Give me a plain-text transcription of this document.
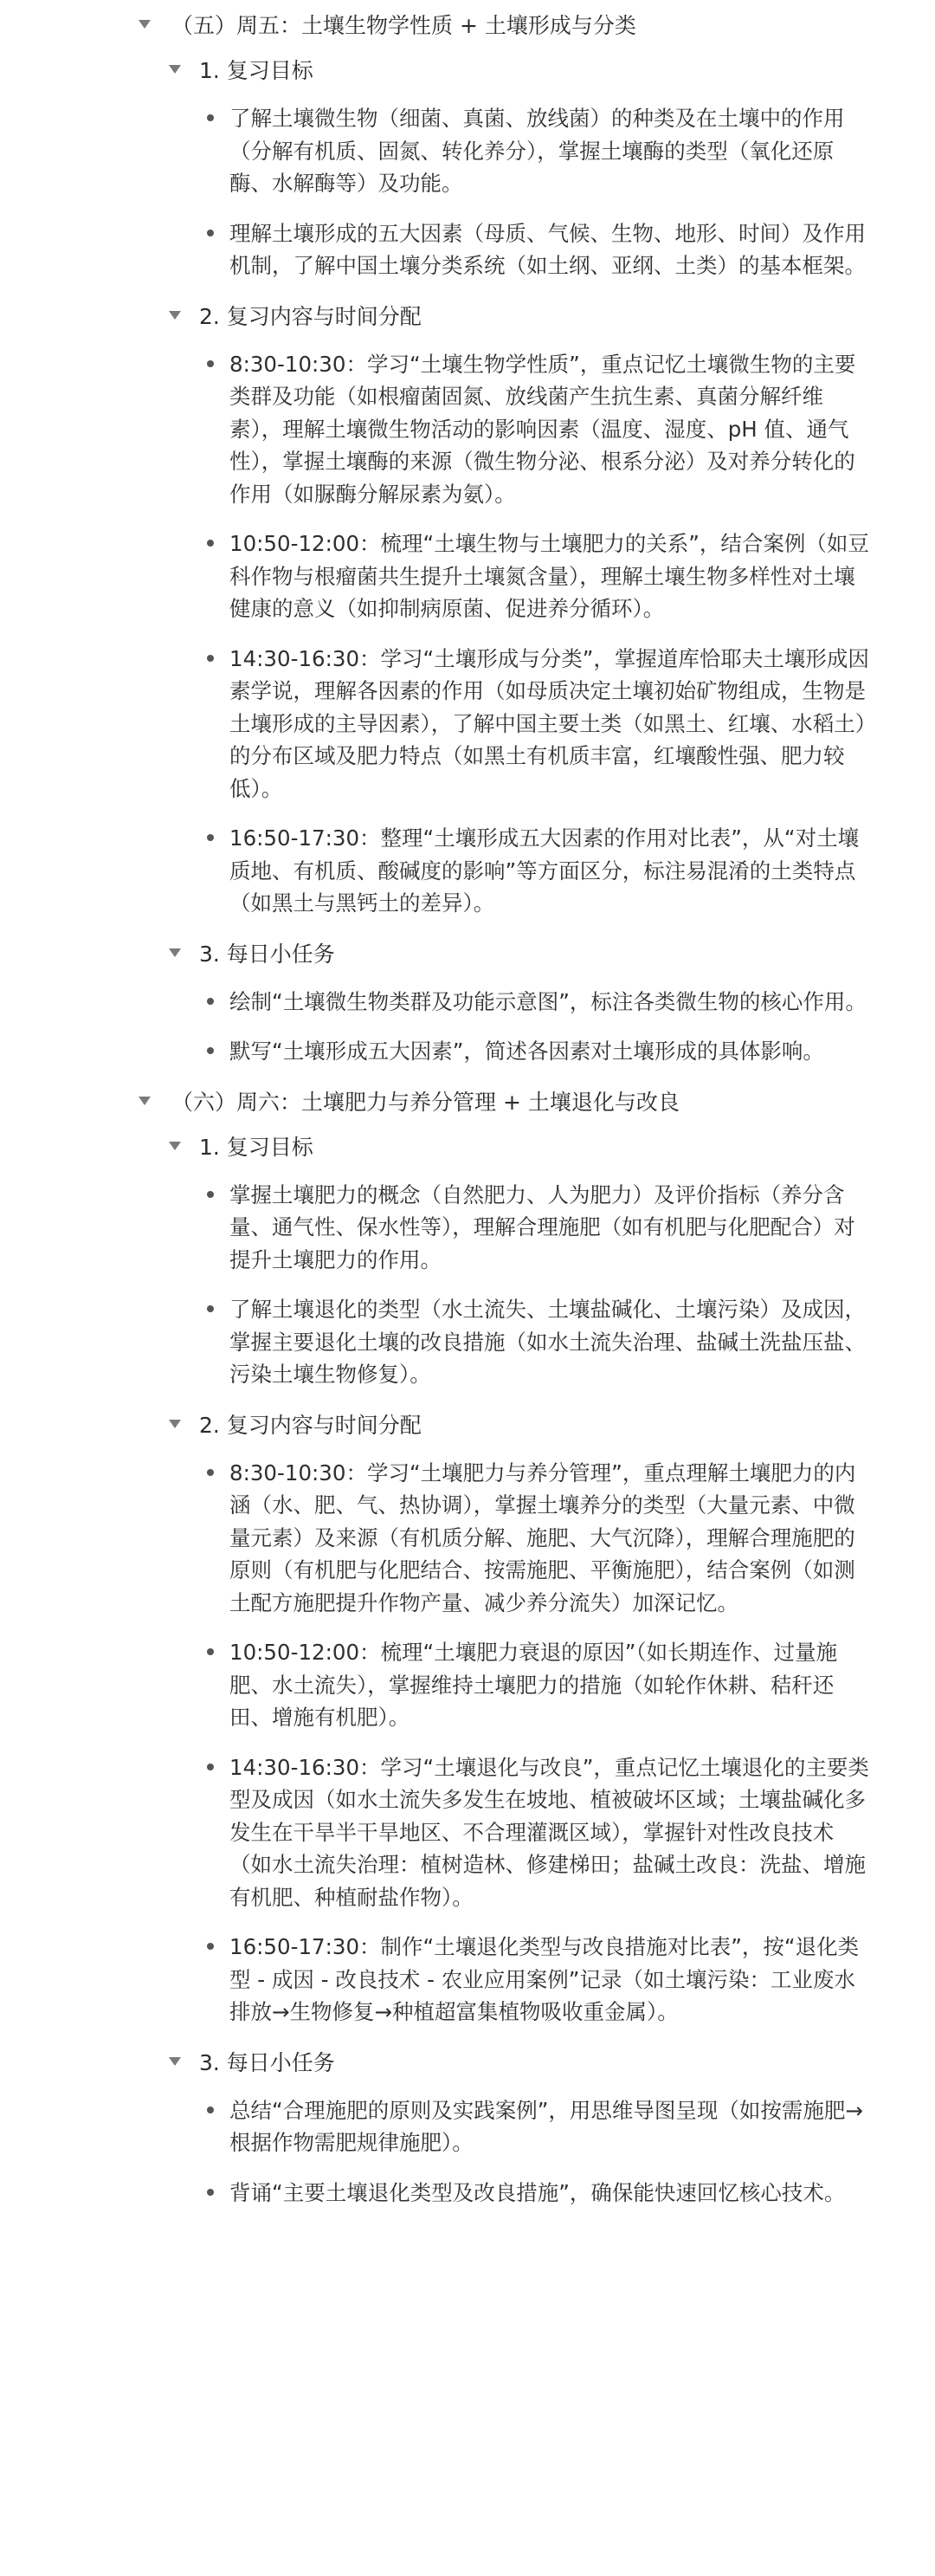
（五）周五：土壤生物学性质 + 土壤形成与分类
1. 复习目标
了解土壤微生物（细菌、真菌、放线菌）的种类及在土壤中的作用（分解有机质、固氮、转化养分），掌握土壤酶的类型（氧化还原酶、水解酶等）及功能。
理解土壤形成的五大因素（母质、气候、生物、地形、时间）及作用机制，了解中国土壤分类系统（如土纲、亚纲、土类）的基本框架。
2. 复习内容与时间分配
8:30-10:30：学习“土壤生物学性质”，重点记忆土壤微生物的主要类群及功能（如根瘤菌固氮、放线菌产生抗生素、真菌分解纤维素），理解土壤微生物活动的影响因素（温度、湿度、pH 值、通气性），掌握土壤酶的来源（微生物分泌、根系分泌）及对养分转化的作用（如脲酶分解尿素为氨）。
10:50-12:00：梳理“土壤生物与土壤肥力的关系”，结合案例（如豆科作物与根瘤菌共生提升土壤氮含量），理解土壤生物多样性对土壤健康的意义（如抑制病原菌、促进养分循环）。
14:30-16:30：学习“土壤形成与分类”，掌握道库恰耶夫土壤形成因素学说，理解各因素的作用（如母质决定土壤初始矿物组成，生物是土壤形成的主导因素），了解中国主要土类（如黑土、红壤、水稻土）的分布区域及肥力特点（如黑土有机质丰富，红壤酸性强、肥力较低）。
16:50-17:30：整理“土壤形成五大因素的作用对比表”，从“对土壤质地、有机质、酸碱度的影响”等方面区分，标注易混淆的土类特点（如黑土与黑钙土的差异）。
3. 每日小任务
绘制“土壤微生物类群及功能示意图”，标注各类微生物的核心作用。
默写“土壤形成五大因素”，简述各因素对土壤形成的具体影响。
（六）周六：土壤肥力与养分管理 + 土壤退化与改良
1. 复习目标
掌握土壤肥力的概念（自然肥力、人为肥力）及评价指标（养分含量、通气性、保水性等），理解合理施肥（如有机肥与化肥配合）对提升土壤肥力的作用。
了解土壤退化的类型（水土流失、土壤盐碱化、土壤污染）及成因，掌握主要退化土壤的改良措施（如水土流失治理、盐碱土洗盐压盐、污染土壤生物修复）。
2. 复习内容与时间分配
8:30-10:30：学习“土壤肥力与养分管理”，重点理解土壤肥力的内涵（水、肥、气、热协调），掌握土壤养分的类型（大量元素、中微量元素）及来源（有机质分解、施肥、大气沉降），理解合理施肥的原则（有机肥与化肥结合、按需施肥、平衡施肥），结合案例（如测土配方施肥提升作物产量、减少养分流失）加深记忆。
10:50-12:00：梳理“土壤肥力衰退的原因”（如长期连作、过量施肥、水土流失），掌握维持土壤肥力的措施（如轮作休耕、秸秆还田、增施有机肥）。
14:30-16:30：学习“土壤退化与改良”，重点记忆土壤退化的主要类型及成因（如水土流失多发生在坡地、植被破坏区域；土壤盐碱化多发生在干旱半干旱地区、不合理灌溉区域），掌握针对性改良技术（如水土流失治理：植树造林、修建梯田；盐碱土改良：洗盐、增施有机肥、种植耐盐作物）。
16:50-17:30：制作“土壤退化类型与改良措施对比表”，按“退化类型 - 成因 - 改良技术 - 农业应用案例”记录（如土壤污染：工业废水排放→生物修复→种植超富集植物吸收重金属）。
3. 每日小任务
总结“合理施肥的原则及实践案例”，用思维导图呈现（如按需施肥→根据作物需肥规律施肥）。
背诵“主要土壤退化类型及改良措施”，确保能快速回忆核心技术。
